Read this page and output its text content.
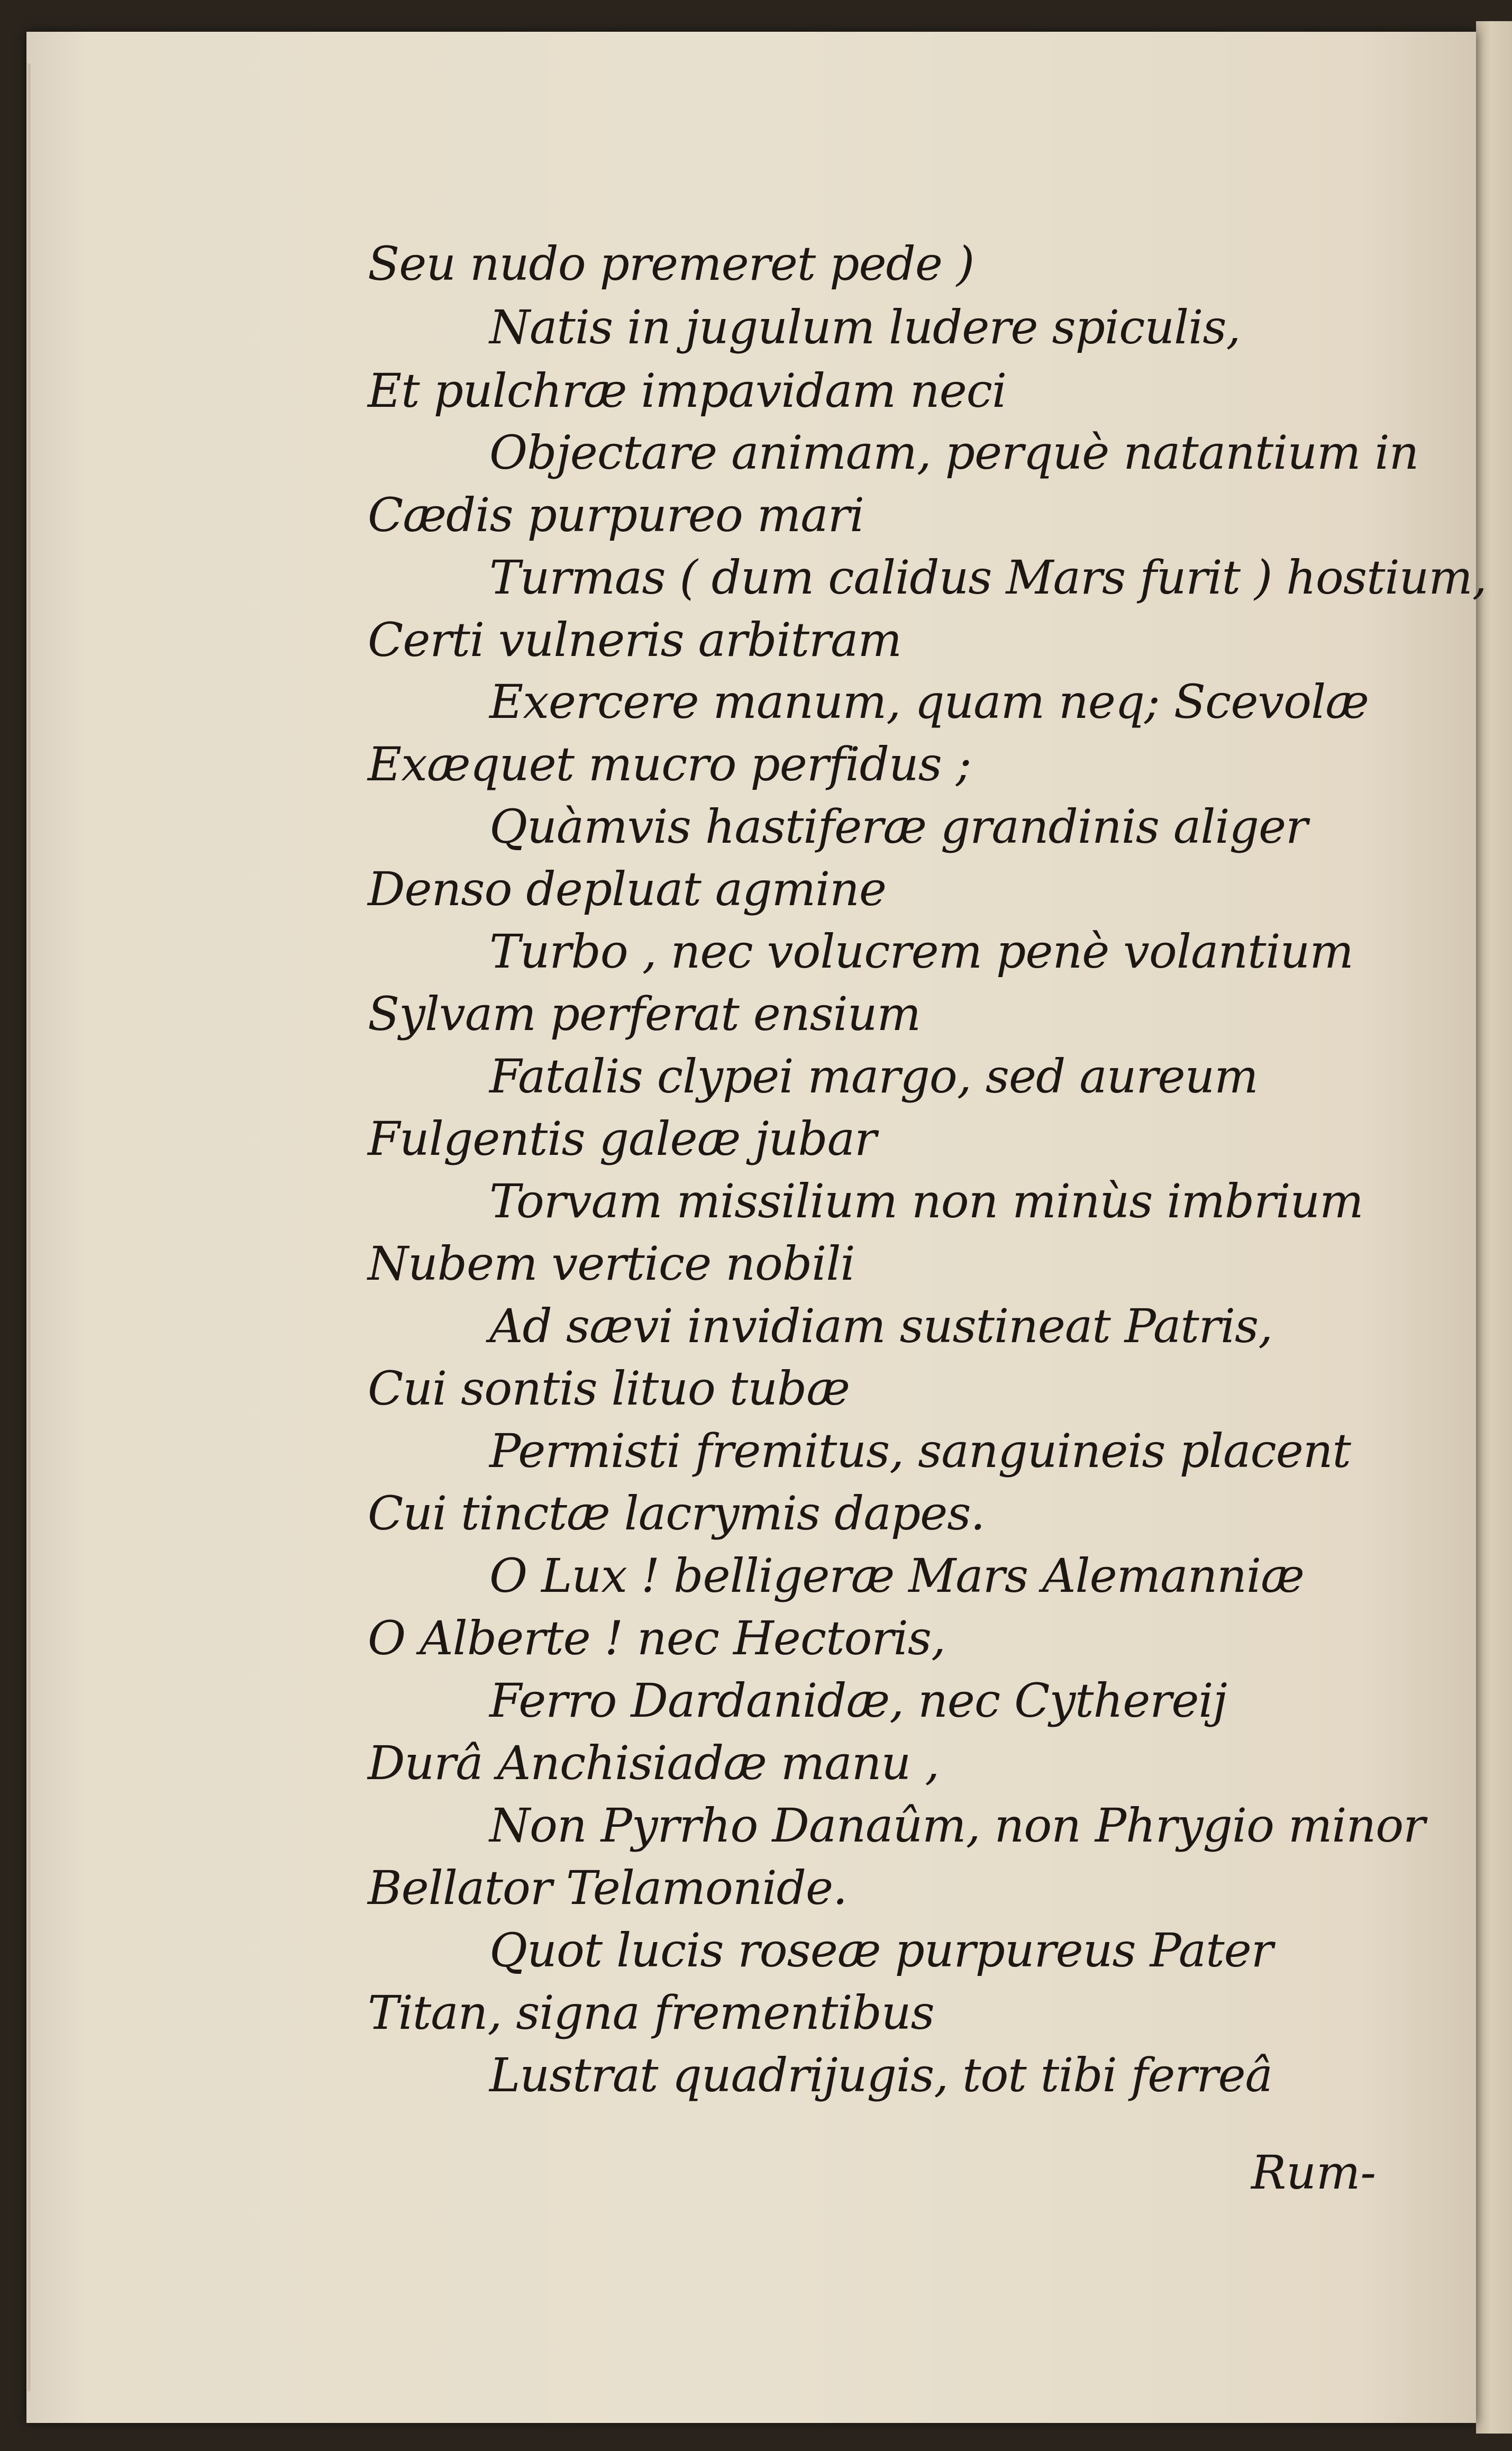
Seu nudo premeret pede )
Natis in jugulum ludere spiculis,
Et pulchræ impavidam neci
Objectare animam, perquè natantium in
Cædis purpureo mari
Turmas ( dum calidus Mars furit ) hostium,
Certi vulneris arbitram
Exercere manum, quam neq; Scevolæ
Exæquet mucro perfidus ;
Quàmvis hastiferæ grandinis aliger
Denso depluat agmine
Turbo , nec volucrem penè volantium
Sylvam perferat ensium
Fatalis clypei margo, sed aureum
Fulgentis galeæ jubar
Torvam missilium non minùs imbrium
Nubem vertice nobili
Ad sævi invidiam sustineat Patris,
Cui sontis lituo tubæ
Permisti fremitus, sanguineis placent
Cui tinctæ lacrymis dapes.
O Lux ! belligeræ Mars Alemanniæ
O Alberte ! nec Hectoris,
Ferro Dardanidæ, nec Cythereij
Durâ Anchisiadæ manu ,
Non Pyrrho Danaûm, non Phrygio minor
Bellator Telamonide.
Quot lucis roseæ purpureus Pater
Titan, signa frementibus
Lustrat quadrijugis, tot tibi ferreâ
Rum-
